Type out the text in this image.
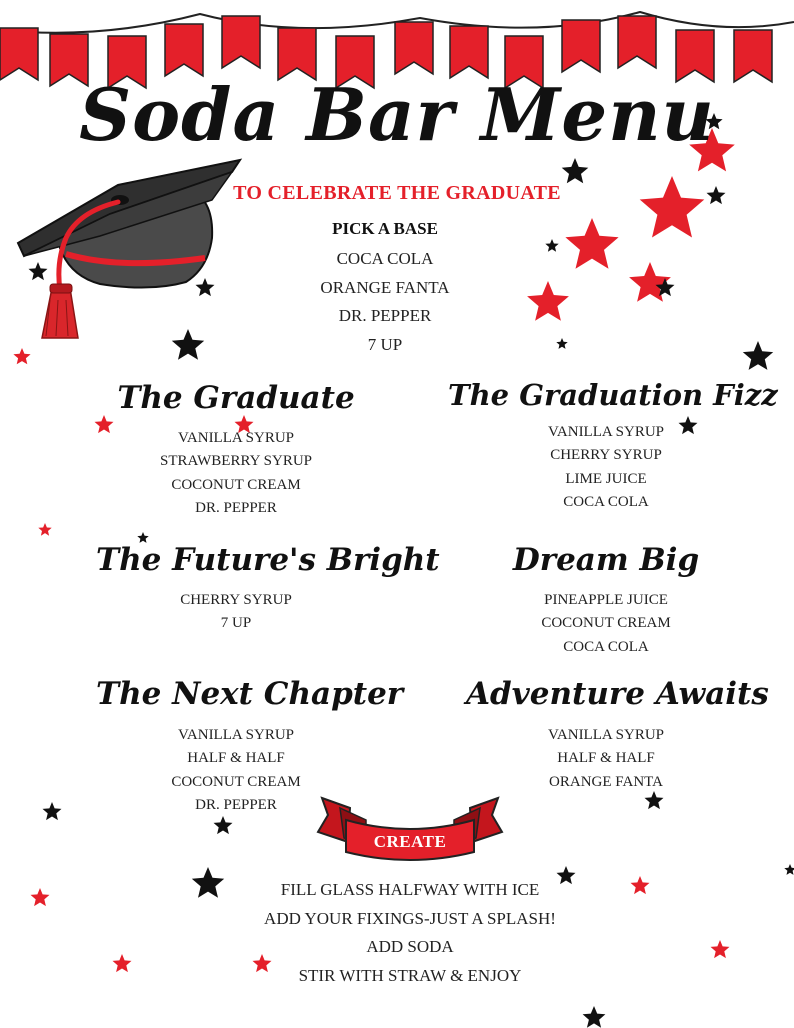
Soda Bar Menu
TO CELEBRATE THE GRADUATE
PICK A BASE
COCA COLA
ORANGE FANTA
DR. PEPPER
7 UP
The Graduate
VANILLA SYRUP
STRAWBERRY SYRUP
COCONUT CREAM
DR. PEPPER
The Graduation Fizz
VANILLA SYRUP
CHERRY SYRUP
LIME JUICE
COCA COLA
The Future's Bright
CHERRY SYRUP
7 UP
Dream Big
PINEAPPLE JUICE
COCONUT CREAM
COCA COLA
The Next Chapter
VANILLA SYRUP
HALF & HALF
COCONUT CREAM
DR. PEPPER
Adventure Awaits
VANILLA SYRUP
HALF & HALF
ORANGE FANTA
CREATE
FILL GLASS HALFWAY WITH ICE
ADD YOUR FIXINGS-JUST A SPLASH!
ADD SODA
STIR WITH STRAW & ENJOY
